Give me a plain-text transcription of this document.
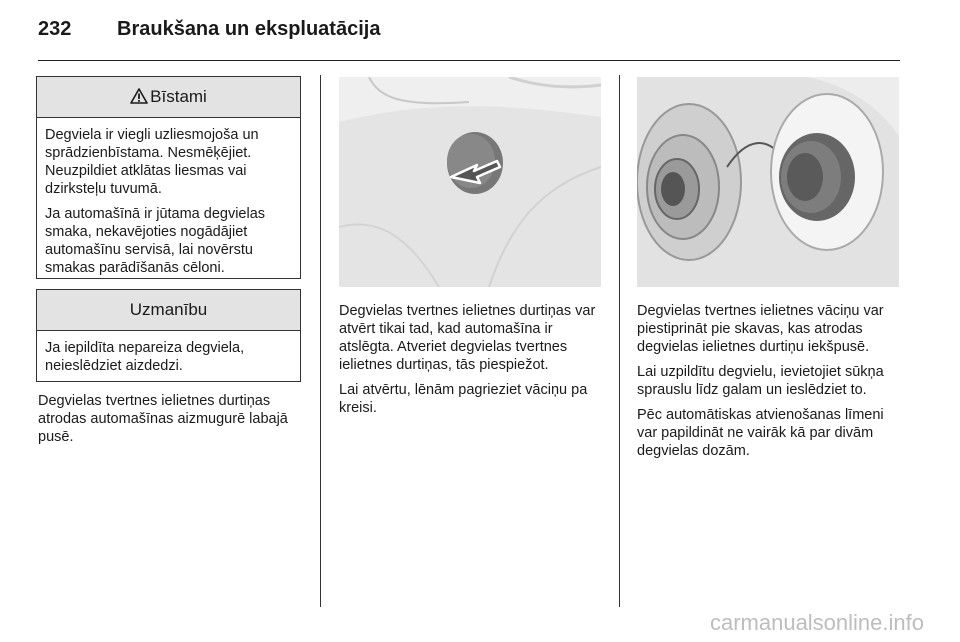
232 Braukšana un ekspluatācija
Bīstami

Degviela ir viegli uzliesmojoša un sprādzienbīstama. Nesmēķējiet. Neuzpildiet atklātas liesmas vai dzirksteļu tuvumā.

Ja automašīnā ir jūtama degvielas smaka, nekavējoties nogādājiet automašīnu servisā, lai novērstu smakas parādīšanās cēloni.

Uzmanību

Ja iepildīta nepareiza degviela, neieslēdziet aizdedzi.

Degvielas tvertnes ielietnes durtiņas atrodas automašīnas aizmugurē labajā pusē.

Degvielas tvertnes ielietnes durtiņas var atvērt tikai tad, kad automašīna ir atslēgta. Atveriet degvielas tvertnes ielietnes durtiņas, tās piespiežot.

Lai atvērtu, lēnām pagrieziet vāciņu pa kreisi.

Degvielas tvertnes ielietnes vāciņu var piestiprināt pie skavas, kas atrodas degvielas ielietnes durtiņu iekšpusē.

Lai uzpildītu degvielu, ievietojiet sūkņa sprauslu līdz galam un ieslēdziet to.

Pēc automātiskas atvienošanas līmeni var papildināt ne vairāk kā par divām degvielas dozām.

carmanualsonline.info
